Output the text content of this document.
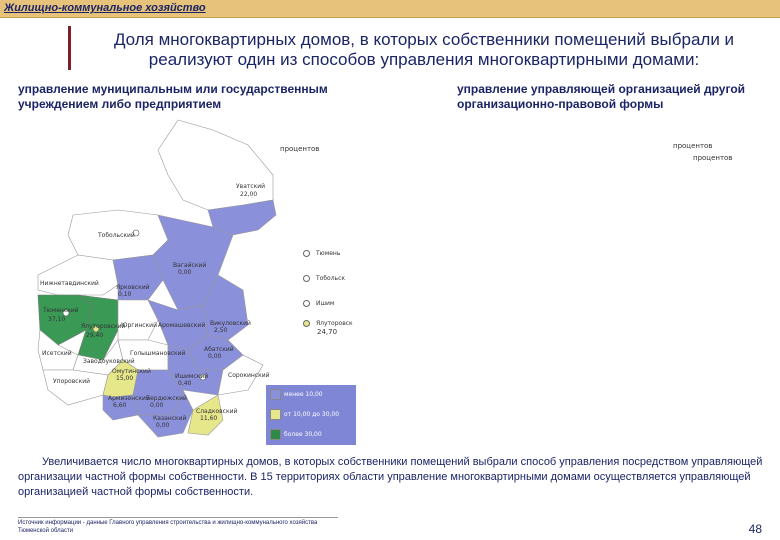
Жилищно-коммунальное хозяйство
Доля многоквартирных домов, в которых собственники помещений выбрали и реализуют один из способов управления многоквартирными домами:
управление муниципальным или государственным учреждением либо предприятием
управление управляющей организацией другой организационно-правовой формы
Уватский
22,00
Тобольский
Вагайский
0,00
Нижнетавдинский
Тюменский
37,10
Ярковский
0,10
Ялуторовский
29,40
Юргинский
Исетский
Упоровский
Заводоуковский
Омутинский
15,00
Армизонский
6,60
Голышмановский
Аромашевский Викуловский
2,50
Абатский
0,00
Ишимский
0,40
Сорокинский
Бердюжский
0,00
Казанский
0,00
Сладковский
11,60
процентов
Тюмень
Тобольск
Ишим
Ялуторовск
24,70
менее 10,00
от 10,00 до 30,00
более 30,00
процентов
процентов
Увеличивается число многоквартирных домов, в которых собственники помещений выбрали способ управления посредством управляющей организации частной формы собственности. В 15 территориях области управление многоквартирными домами осуществляется управляющей организацией частной формы собственности.
Источник информации - данные Главного управления строительства и жилищно-коммунального хозяйства Тюменской области	48
